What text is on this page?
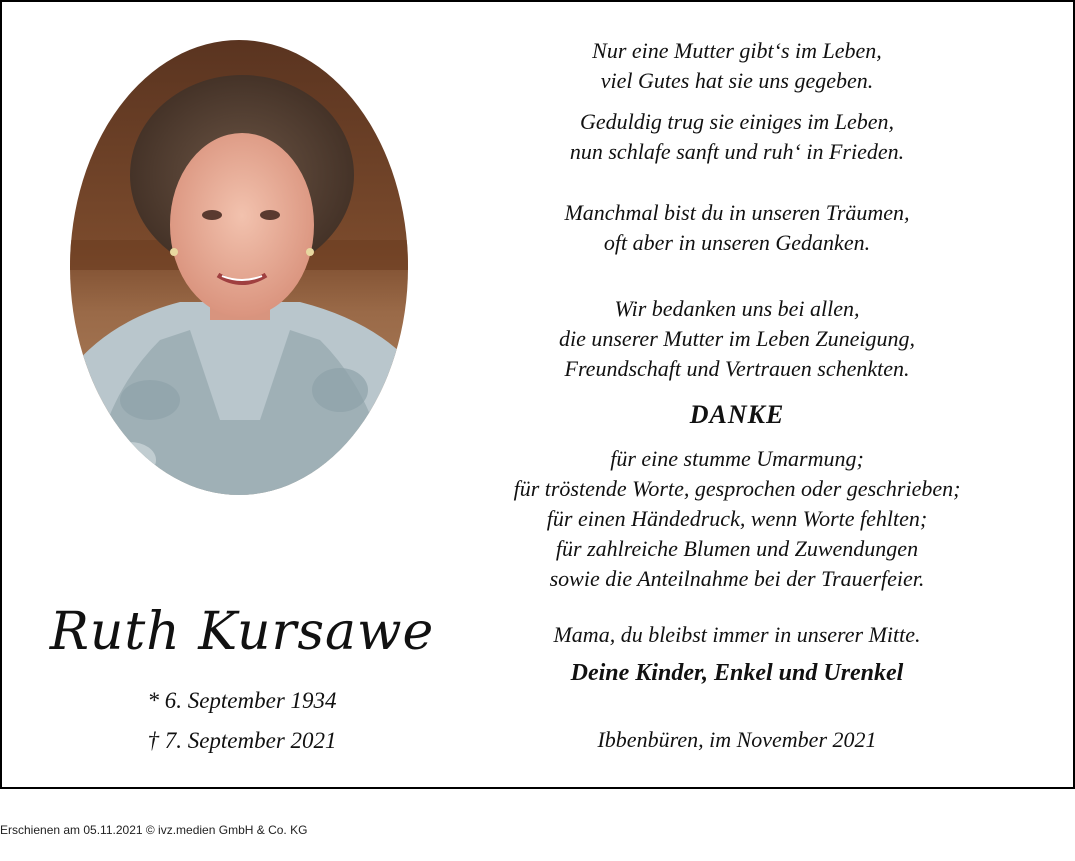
Ruth Kursawe
* 6. September 1934
† 7. September 2021
Nur eine Mutter gibt‘s im Leben,
viel Gutes hat sie uns gegeben.
Geduldig trug sie einiges im Leben,
nun schlafe sanft und ruh‘ in Frieden.
Manchmal bist du in unseren Träumen,
oft aber in unseren Gedanken.
Wir bedanken uns bei allen,
die unserer Mutter im Leben Zuneigung,
Freundschaft und Vertrauen schenkten.
DANKE
für eine stumme Umarmung;
für tröstende Worte, gesprochen oder geschrieben;
für einen Händedruck, wenn Worte fehlten;
für zahlreiche Blumen und Zuwendungen
sowie die Anteilnahme bei der Trauerfeier.
Mama, du bleibst immer in unserer Mitte.
Deine Kinder, Enkel und Urenkel
Ibbenbüren, im November 2021
Erschienen am 05.11.2021 © ivz.medien GmbH & Co. KG
